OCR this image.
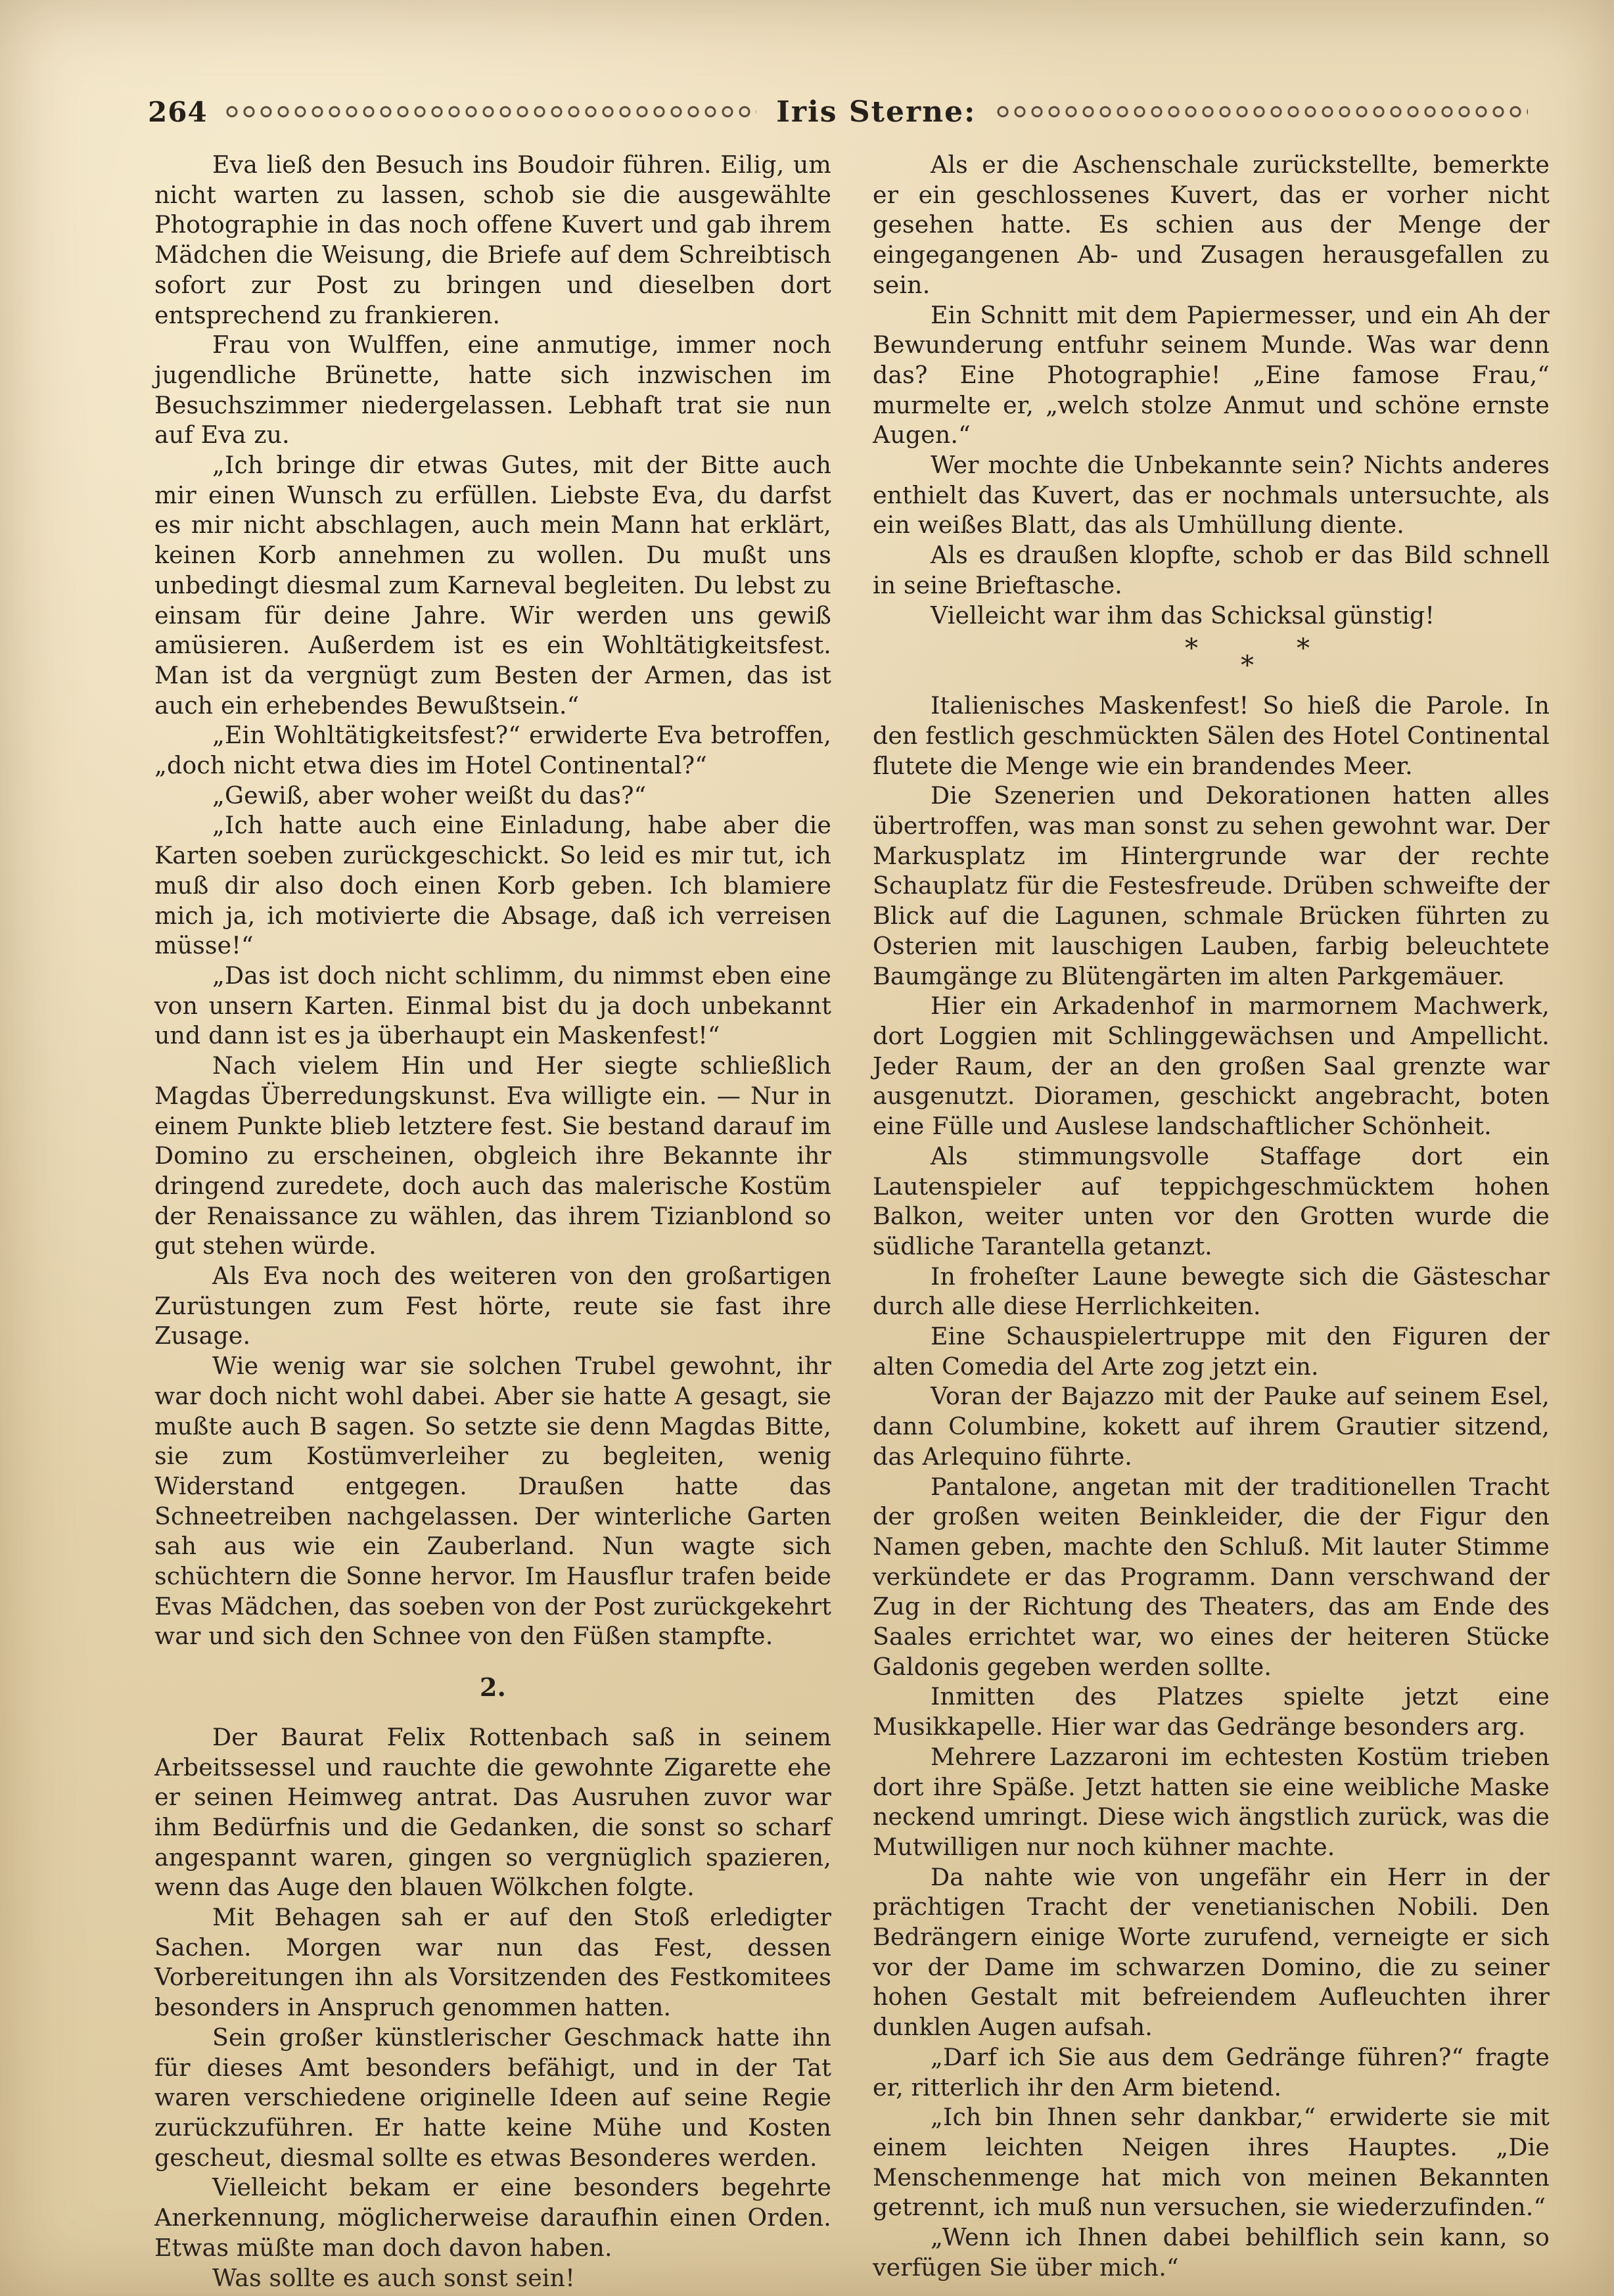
264	Iris Sterne:

Eva ließ den Besuch ins Boudoir führen. Eilig, um nicht warten zu lassen, schob sie die ausgewählte Photographie in das noch offene Kuvert und gab ihrem Mädchen die Weisung, die Briefe auf dem Schreibtisch sofort zur Post zu bringen und dieselben dort entsprechend zu frankieren.

Frau von Wulffen, eine anmutige, immer noch jugendliche Brünette, hatte sich inzwischen im Besuchszimmer niedergelassen. Lebhaft trat sie nun auf Eva zu.

„Ich bringe dir etwas Gutes, mit der Bitte auch mir einen Wunsch zu erfüllen. Liebste Eva, du darfst es mir nicht abschlagen, auch mein Mann hat erklärt, keinen Korb annehmen zu wollen. Du mußt uns unbedingt diesmal zum Karneval begleiten. Du lebst zu einsam für deine Jahre. Wir werden uns gewiß amüsieren. Außerdem ist es ein Wohltätigkeitsfest. Man ist da vergnügt zum Besten der Armen, das ist auch ein erhebendes Bewußtsein.“

„Ein Wohltätigkeitsfest?“ erwiderte Eva betroffen, „doch nicht etwa dies im Hotel Continental?“

„Gewiß, aber woher weißt du das?“

„Ich hatte auch eine Einladung, habe aber die Karten soeben zurückgeschickt. So leid es mir tut, ich muß dir also doch einen Korb geben. Ich blamiere mich ja, ich motivierte die Absage, daß ich verreisen müsse!“

„Das ist doch nicht schlimm, du nimmst eben eine von unsern Karten. Einmal bist du ja doch unbekannt und dann ist es ja überhaupt ein Maskenfest!“

Nach vielem Hin und Her siegte schließlich Magdas Überredungskunst. Eva willigte ein. — Nur in einem Punkte blieb letztere fest. Sie bestand darauf im Domino zu erscheinen, obgleich ihre Bekannte ihr dringend zuredete, doch auch das malerische Kostüm der Renaissance zu wählen, das ihrem Tizianblond so gut stehen würde.

Als Eva noch des weiteren von den großartigen Zurüstungen zum Fest hörte, reute sie fast ihre Zusage.

Wie wenig war sie solchen Trubel gewohnt, ihr war doch nicht wohl dabei. Aber sie hatte A gesagt, sie mußte auch B sagen. So setzte sie denn Magdas Bitte, sie zum Kostümverleiher zu begleiten, wenig Widerstand entgegen. Draußen hatte das Schneetreiben nachgelassen. Der winterliche Garten sah aus wie ein Zauberland. Nun wagte sich schüchtern die Sonne hervor. Im Hausflur trafen beide Evas Mädchen, das soeben von der Post zurückgekehrt war und sich den Schnee von den Füßen stampfte.

2.

Der Baurat Felix Rottenbach saß in seinem Arbeitssessel und rauchte die gewohnte Zigarette ehe er seinen Heimweg antrat. Das Ausruhen zuvor war ihm Bedürfnis und die Gedanken, die sonst so scharf angespannt waren, gingen so vergnüglich spazieren, wenn das Auge den blauen Wölkchen folgte.

Mit Behagen sah er auf den Stoß erledigter Sachen. Morgen war nun das Fest, dessen Vorbereitungen ihn als Vorsitzenden des Festkomitees besonders in Anspruch genommen hatten.

Sein großer künstlerischer Geschmack hatte ihn für dieses Amt besonders befähigt, und in der Tat waren verschiedene originelle Ideen auf seine Regie zurückzuführen. Er hatte keine Mühe und Kosten gescheut, diesmal sollte es etwas Besonderes werden.

Vielleicht bekam er eine besonders begehrte Anerkennung, möglicherweise daraufhin einen Orden. Etwas müßte man doch davon haben.

Was sollte es auch sonst sein!

Als er die Aschenschale zurückstellte, bemerkte er ein geschlossenes Kuvert, das er vorher nicht gesehen hatte. Es schien aus der Menge der eingegangenen Ab- und Zusagen herausgefallen zu sein.

Ein Schnitt mit dem Papiermesser, und ein Ah der Bewunderung entfuhr seinem Munde. Was war denn das? Eine Photographie! „Eine famose Frau,“ murmelte er, „welch stolze Anmut und schöne ernste Augen.“

Wer mochte die Unbekannte sein? Nichts anderes enthielt das Kuvert, das er nochmals untersuchte, als ein weißes Blatt, das als Umhüllung diente.

Als es draußen klopfte, schob er das Bild schnell in seine Brieftasche.

Vielleicht war ihm das Schicksal günstig!

*
*
*

Italienisches Maskenfest! So hieß die Parole. In den festlich geschmückten Sälen des Hotel Continental flutete die Menge wie ein brandendes Meer.

Die Szenerien und Dekorationen hatten alles übertroffen, was man sonst zu sehen gewohnt war. Der Markusplatz im Hintergrunde war der rechte Schauplatz für die Festesfreude. Drüben schweifte der Blick auf die Lagunen, schmale Brücken führten zu Osterien mit lauschigen Lauben, farbig beleuchtete Baumgänge zu Blütengärten im alten Parkgemäuer.

Hier ein Arkadenhof in marmornem Machwerk, dort Loggien mit Schlinggewächsen und Ampellicht. Jeder Raum, der an den großen Saal grenzte war ausgenutzt. Dioramen, geschickt angebracht, boten eine Fülle und Auslese landschaftlicher Schönheit.

Als stimmungsvolle Staffage dort ein Lautenspieler auf teppichgeschmücktem hohen Balkon, weiter unten vor den Grotten wurde die südliche Tarantella getanzt.

In froheſter Laune bewegte sich die Gästeschar durch alle diese Herrlichkeiten.

Eine Schauspielertruppe mit den Figuren der alten Comedia del Arte zog jetzt ein.

Voran der Bajazzo mit der Pauke auf seinem Esel, dann Columbine, kokett auf ihrem Grautier sitzend, das Arlequino führte.

Pantalone, angetan mit der traditionellen Tracht der großen weiten Beinkleider, die der Figur den Namen geben, machte den Schluß. Mit lauter Stimme verkündete er das Programm. Dann verschwand der Zug in der Richtung des Theaters, das am Ende des Saales errichtet war, wo eines der heiteren Stücke Galdonis gegeben werden sollte.

Inmitten des Platzes spielte jetzt eine Musikkapelle. Hier war das Gedränge besonders arg.

Mehrere Lazzaroni im echtesten Kostüm trieben dort ihre Späße. Jetzt hatten sie eine weibliche Maske neckend umringt. Diese wich ängstlich zurück, was die Mutwilligen nur noch kühner machte.

Da nahte wie von ungefähr ein Herr in der prächtigen Tracht der venetianischen Nobili. Den Bedrängern einige Worte zurufend, verneigte er sich vor der Dame im schwarzen Domino, die zu seiner hohen Gestalt mit befreiendem Aufleuchten ihrer dunklen Augen aufsah.

„Darf ich Sie aus dem Gedränge führen?“ fragte er, ritterlich ihr den Arm bietend.

„Ich bin Ihnen sehr dankbar,“ erwiderte sie mit einem leichten Neigen ihres Hauptes. „Die Menschenmenge hat mich von meinen Bekannten getrennt, ich muß nun versuchen, sie wiederzufinden.“

„Wenn ich Ihnen dabei behilflich sein kann, so verfügen Sie über mich.“
